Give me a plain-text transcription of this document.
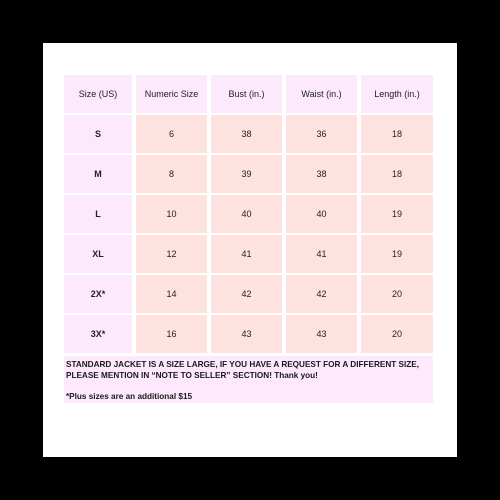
Size (US)	Numeric Size	Bust (in.)	Waist (in.)	Length (in.)
S	6	38	36	18
M	8	39	38	18
L	10	40	40	19
XL	12	41	41	19
2X*	14	42	42	20
3X*	16	43	43	20

STANDARD JACKET IS A SIZE LARGE, IF YOU HAVE A REQUEST FOR A DIFFERENT SIZE,

PLEASE MENTION IN “NOTE TO SELLER” SECTION! Thank you!

*Plus sizes are an additional $15
